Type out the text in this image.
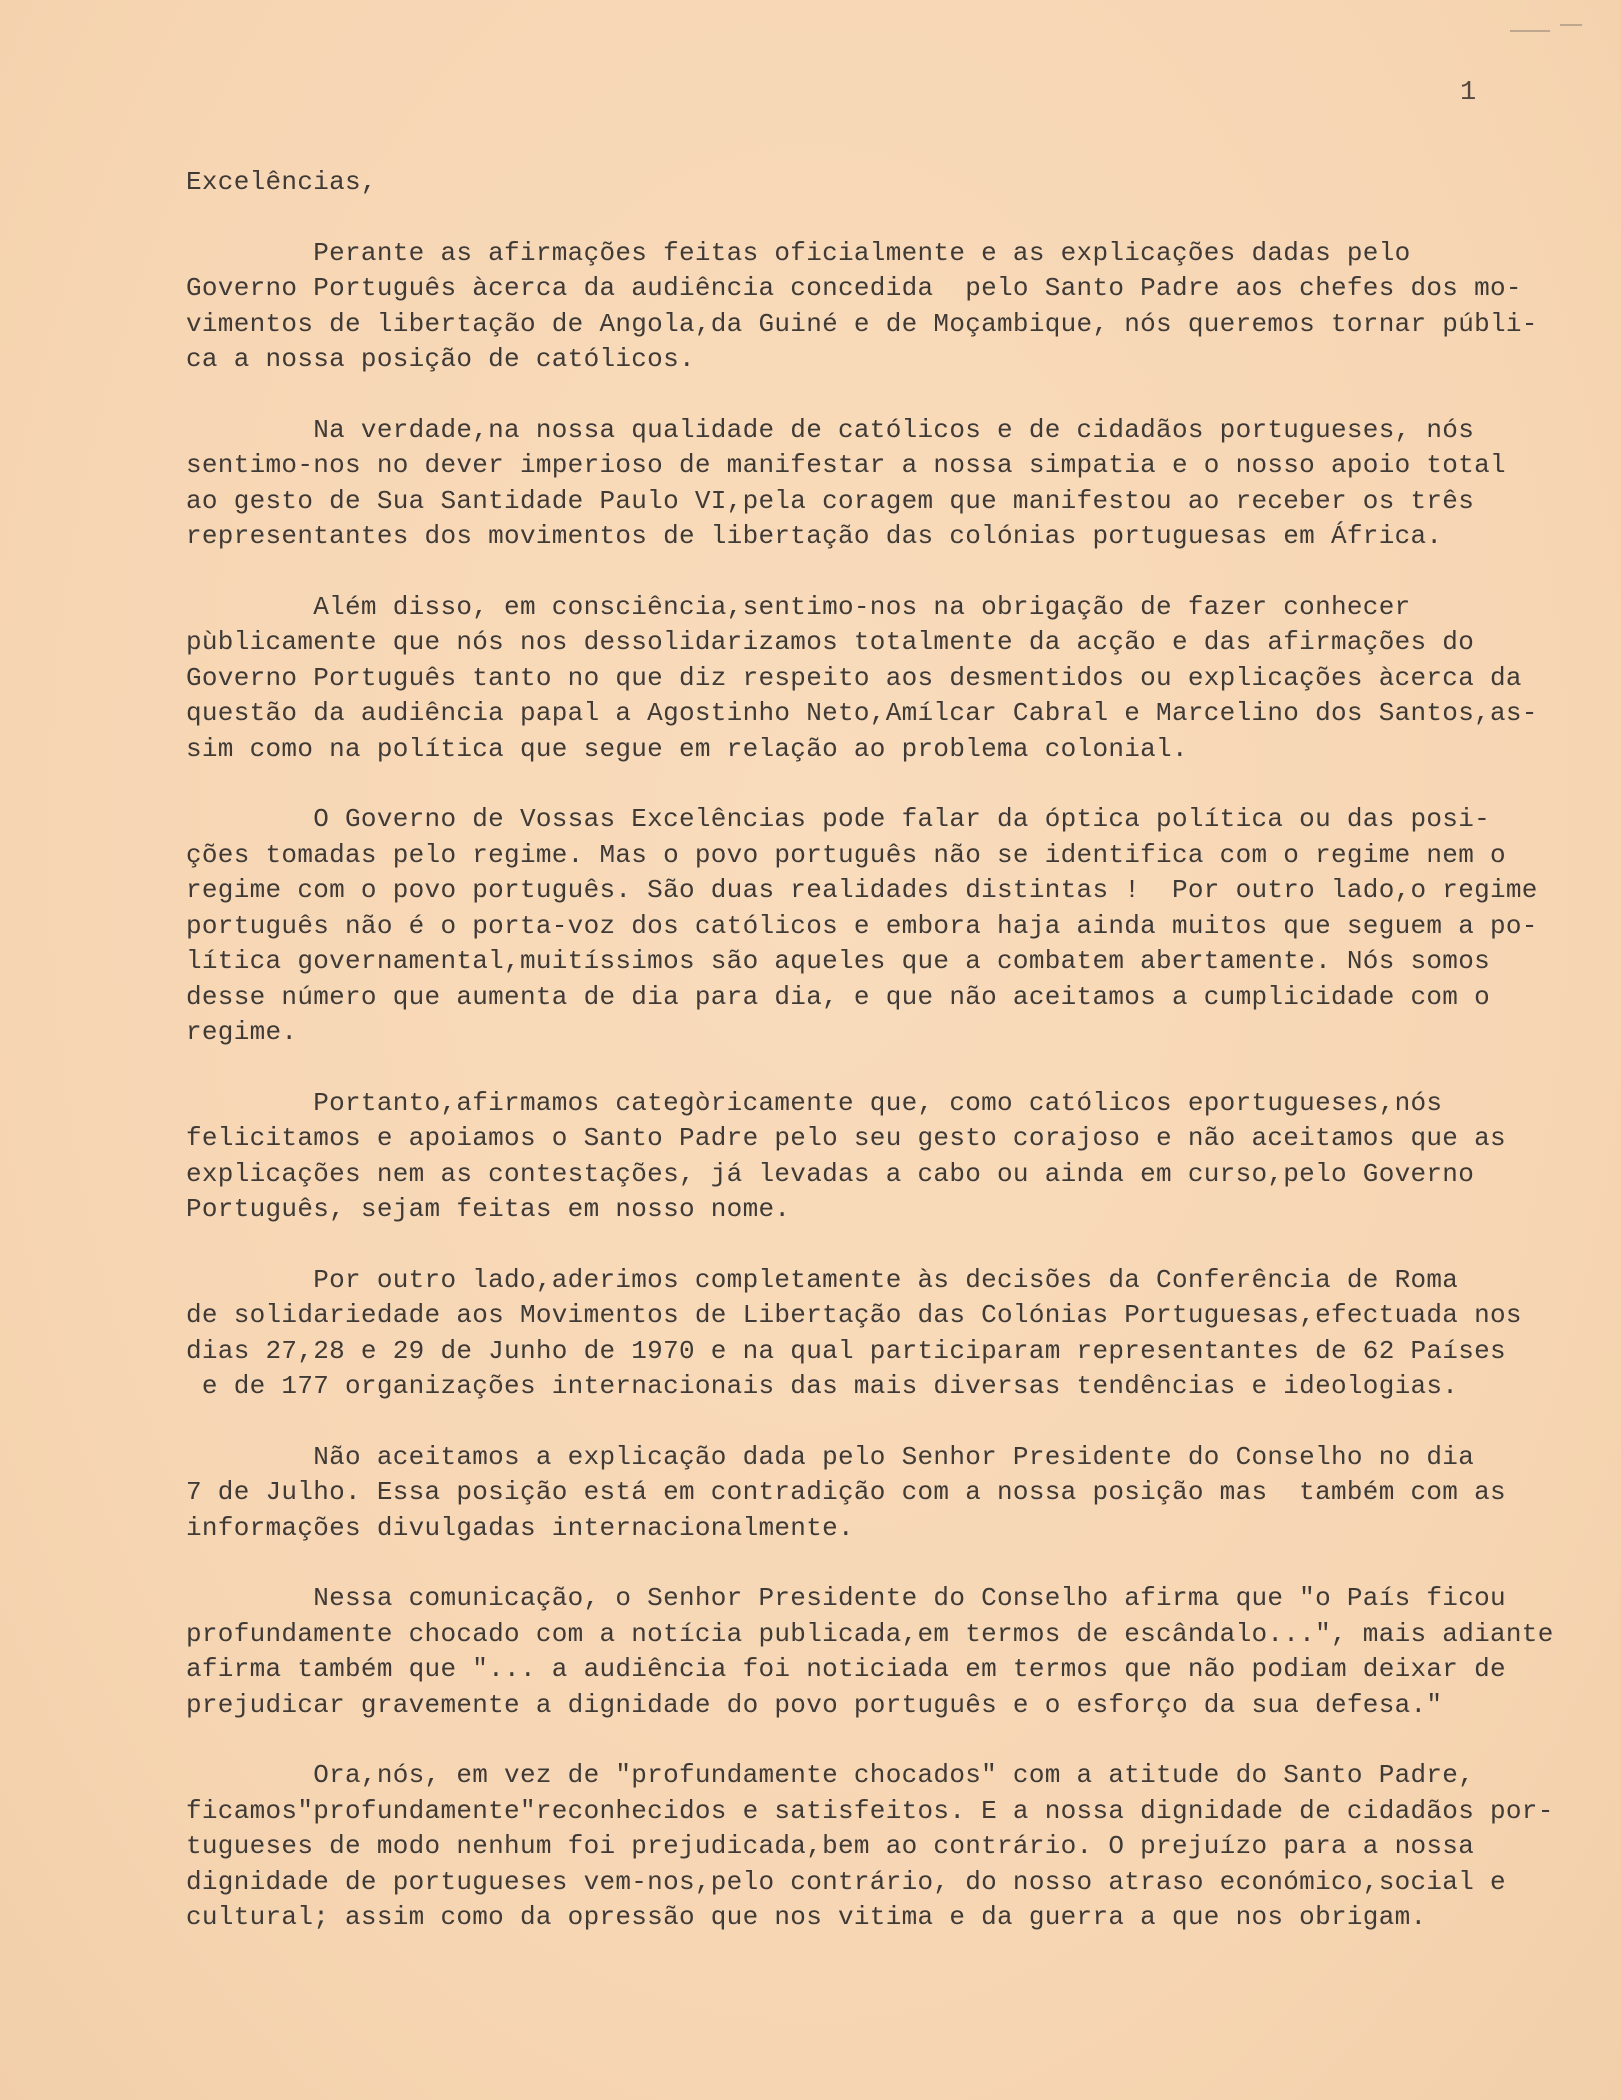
1
Excelências,
Perante as afirmações feitas oficialmente e as explicações dadas pelo
Governo Português àcerca da audiência concedida  pelo Santo Padre aos chefes dos mo-
vimentos de libertação de Angola,da Guiné e de Moçambique, nós queremos tornar públi-
ca a nossa posição de católicos.
Na verdade,na nossa qualidade de católicos e de cidadãos portugueses, nós
sentimo-nos no dever imperioso de manifestar a nossa simpatia e o nosso apoio total
ao gesto de Sua Santidade Paulo VI,pela coragem que manifestou ao receber os três
representantes dos movimentos de libertação das colónias portuguesas em África.
Além disso, em consciência,sentimo-nos na obrigação de fazer conhecer
pùblicamente que nós nos dessolidarizamos totalmente da acção e das afirmações do
Governo Português tanto no que diz respeito aos desmentidos ou explicações àcerca da
questão da audiência papal a Agostinho Neto,Amílcar Cabral e Marcelino dos Santos,as-
sim como na política que segue em relação ao problema colonial.
O Governo de Vossas Excelências pode falar da óptica política ou das posi-
ções tomadas pelo regime. Mas o povo português não se identifica com o regime nem o
regime com o povo português. São duas realidades distintas !  Por outro lado,o regime
português não é o porta-voz dos católicos e embora haja ainda muitos que seguem a po-
lítica governamental,muitíssimos são aqueles que a combatem abertamente. Nós somos
desse número que aumenta de dia para dia, e que não aceitamos a cumplicidade com o
regime.
Portanto,afirmamos categòricamente que, como católicos eportugueses,nós
felicitamos e apoiamos o Santo Padre pelo seu gesto corajoso e não aceitamos que as
explicações nem as contestações, já levadas a cabo ou ainda em curso,pelo Governo
Português, sejam feitas em nosso nome.
Por outro lado,aderimos completamente às decisões da Conferência de Roma
de solidariedade aos Movimentos de Libertação das Colónias Portuguesas,efectuada nos
dias 27,28 e 29 de Junho de 1970 e na qual participaram representantes de 62 Países
e de 177 organizações internacionais das mais diversas tendências e ideologias.
Não aceitamos a explicação dada pelo Senhor Presidente do Conselho no dia
7 de Julho. Essa posição está em contradição com a nossa posição mas  também com as
informações divulgadas internacionalmente.
Nessa comunicação, o Senhor Presidente do Conselho afirma que "o País ficou
profundamente chocado com a notícia publicada,em termos de escândalo...", mais adiante
afirma também que "... a audiência foi noticiada em termos que não podiam deixar de
prejudicar gravemente a dignidade do povo português e o esforço da sua defesa."
Ora,nós, em vez de "profundamente chocados" com a atitude do Santo Padre,
ficamos"profundamente"reconhecidos e satisfeitos. E a nossa dignidade de cidadãos por-
tugueses de modo nenhum foi prejudicada,bem ao contrário. O prejuízo para a nossa
dignidade de portugueses vem-nos,pelo contrário, do nosso atraso económico,social e
cultural; assim como da opressão que nos vitima e da guerra a que nos obrigam.
